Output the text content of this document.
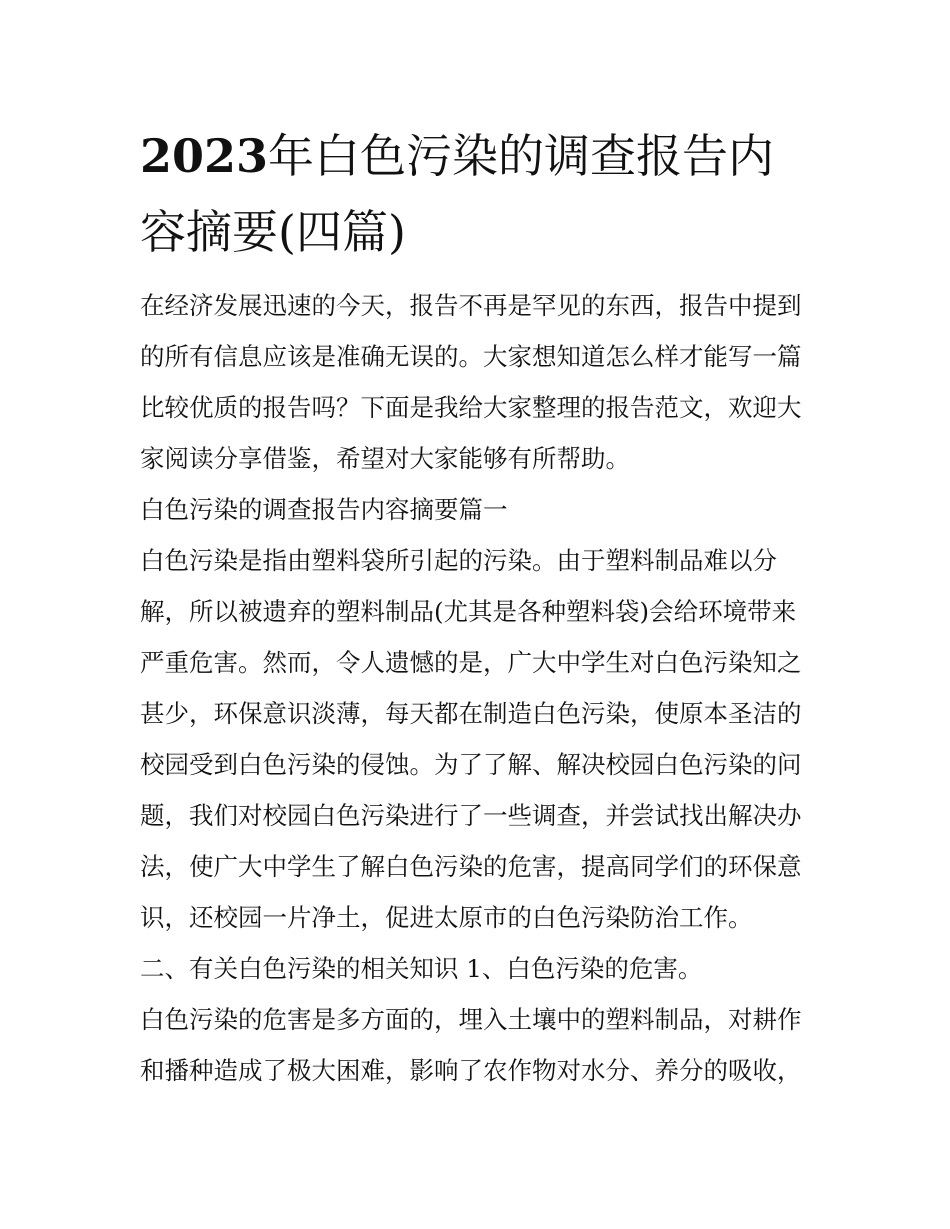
2023年白色污染的调查报告内
容摘要(四篇)

在经济发展迅速的今天，报告不再是罕见的东西，报告中提到的所有信息应该是准确无误的。大家想知道怎么样才能写一篇比较优质的报告吗？下面是我给大家整理的报告范文，欢迎大家阅读分享借鉴，希望对大家能够有所帮助。

白色污染的调查报告内容摘要篇一

白色污染是指由塑料袋所引起的污染。由于塑料制品难以分解，所以被遗弃的塑料制品(尤其是各种塑料袋)会给环境带来严重危害。然而，令人遗憾的是，广大中学生对白色污染知之甚少，环保意识淡薄，每天都在制造白色污染，使原本圣洁的校园受到白色污染的侵蚀。为了了解、解决校园白色污染的问题，我们对校园白色污染进行了一些调查，并尝试找出解决办法，使广大中学生了解白色污染的危害，提高同学们的环保意识，还校园一片净土，促进太原市的白色污染防治工作。

二、有关白色污染的相关知识 1、白色污染的危害。

白色污染的危害是多方面的，埋入土壤中的塑料制品，对耕作和播种造成了极大困难，影响了农作物对水分、养分的吸收，
